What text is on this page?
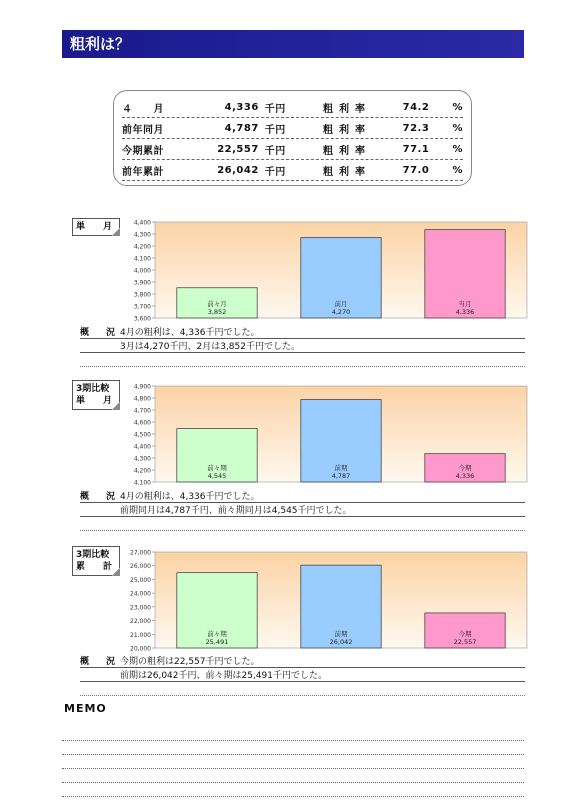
粗利は？
４　　月	4,336 千円	粗利率	74.2	%
前年同月	4,787 千円	粗利率	72.3	%
今期累計	22,557 千円	粗利率	77.1	%
前年累計	26,042 千円	粗利率	77.0	%
単　　月
3,600
3,700
3,800
3,900
4,000
4,100
4,200
4,300
4,400
前々月
3,852
前月
4,270
当月
4,336
概　況 4月の粗利は、4,336千円でした。
3月は4,270千円、2月は3,852千円でした。
3期比較
単　　月
4,100
4,200
4,300
4,400
4,500
4,600
4,700
4,800
4,900
前々期
4,545
前期
4,787
今期
4,336
概　況 4月の粗利は、4,336千円でした。
前期同月は4,787千円、前々期同月は4,545千円でした。
3期比較
累　　計
20,000
21,000
22,000
23,000
24,000
25,000
26,000
27,000
前々期
25,491
前期
26,042
今期
22,557
概　況 今期の粗利は22,557千円でした。
前期は26,042千円、前々期は25,491千円でした。
MEMO
